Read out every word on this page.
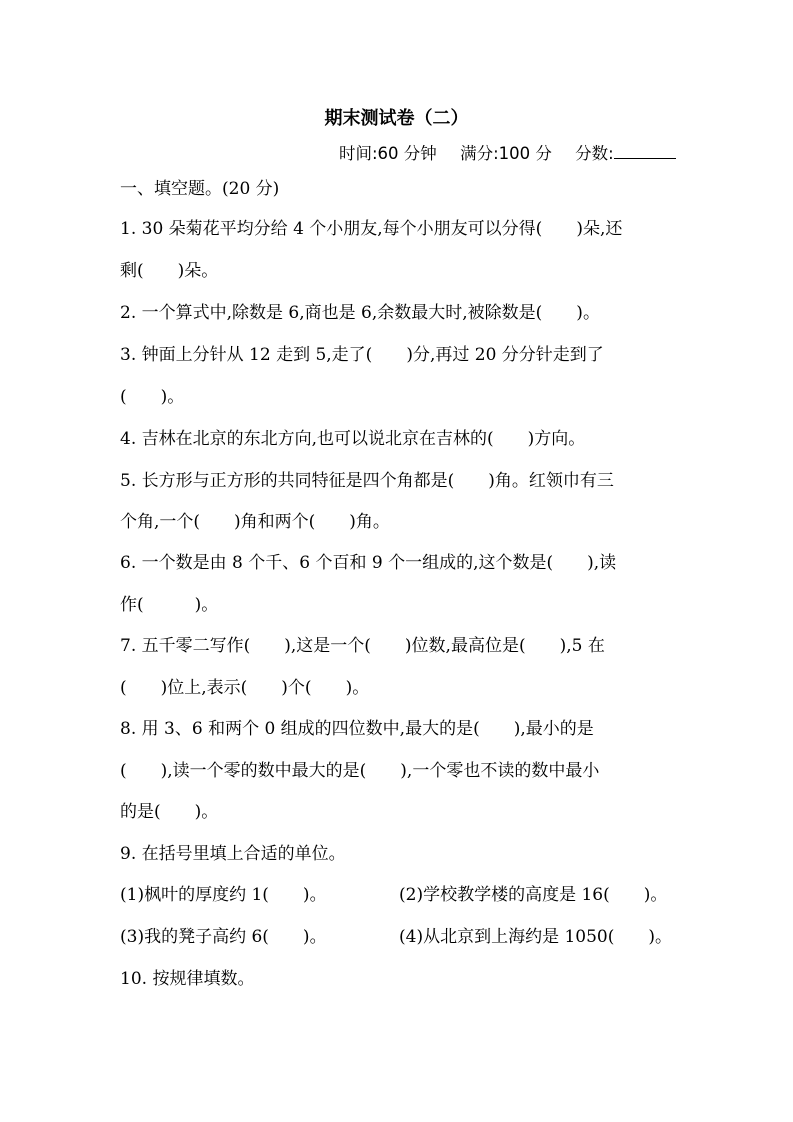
期末测试卷（二）
时间:60 分钟 满分:100 分 分数:
一、填空题。(20 分)
1. 30 朵菊花平均分给 4 个小朋友,每个小朋友可以分得(　　)朵,还
剩(　　)朵。
2. 一个算式中,除数是 6,商也是 6,余数最大时,被除数是(　　)。
3. 钟面上分针从 12 走到 5,走了(　　)分,再过 20 分分针走到了
(　　)。
4. 吉林在北京的东北方向,也可以说北京在吉林的(　　)方向。
5. 长方形与正方形的共同特征是四个角都是(　　)角。红领巾有三
个角,一个(　　)角和两个(　　)角。
6. 一个数是由 8 个千、6 个百和 9 个一组成的,这个数是(　　),读
作(　　　)。
7. 五千零二写作(　　),这是一个(　　)位数,最高位是(　　),5 在
(　　)位上,表示(　　)个(　　)。
8. 用 3、6 和两个 0 组成的四位数中,最大的是(　　),最小的是
(　　),读一个零的数中最大的是(　　),一个零也不读的数中最小
的是(　　)。
9. 在括号里填上合适的单位。
(1)枫叶的厚度约 1(　　)。	(2)学校教学楼的高度是 16(　　)。
(3)我的凳子高约 6(　　)。	(4)从北京到上海约是 1050(　　)。
10. 按规律填数。
